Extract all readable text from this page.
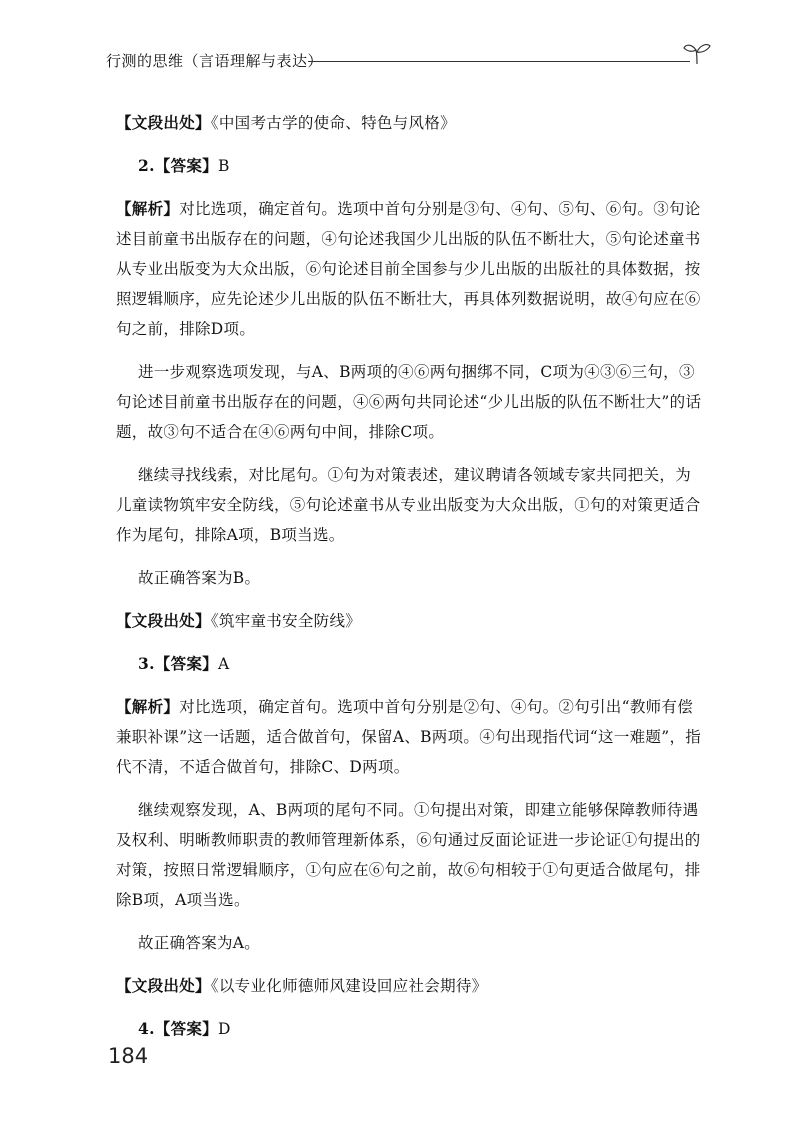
行测的思维（言语理解与表达）

【文段出处】《中国考古学的使命、特色与风格》

2.【答案】B

【解析】对比选项，确定首句。选项中首句分别是③句、④句、⑤句、⑥句。③句论述目前童书出版存在的问题，④句论述我国少儿出版的队伍不断壮大，⑤句论述童书从专业出版变为大众出版，⑥句论述目前全国参与少儿出版的出版社的具体数据，按照逻辑顺序，应先论述少儿出版的队伍不断壮大，再具体列数据说明，故④句应在⑥句之前，排除D项。

进一步观察选项发现，与A、B两项的④⑥两句捆绑不同，C项为④③⑥三句，③句论述目前童书出版存在的问题，④⑥两句共同论述“少儿出版的队伍不断壮大”的话题，故③句不适合在④⑥两句中间，排除C项。

继续寻找线索，对比尾句。①句为对策表述，建议聘请各领域专家共同把关，为儿童读物筑牢安全防线，⑤句论述童书从专业出版变为大众出版，①句的对策更适合作为尾句，排除A项，B项当选。

故正确答案为B。

【文段出处】《筑牢童书安全防线》

3.【答案】A

【解析】对比选项，确定首句。选项中首句分别是②句、④句。②句引出“教师有偿兼职补课”这一话题，适合做首句，保留A、B两项。④句出现指代词“这一难题”，指代不清，不适合做首句，排除C、D两项。

继续观察发现，A、B两项的尾句不同。①句提出对策，即建立能够保障教师待遇及权利、明晰教师职责的教师管理新体系，⑥句通过反面论证进一步论证①句提出的对策，按照日常逻辑顺序，①句应在⑥句之前，故⑥句相较于①句更适合做尾句，排除B项，A项当选。

故正确答案为A。

【文段出处】《以专业化师德师风建设回应社会期待》

4.【答案】D

184
